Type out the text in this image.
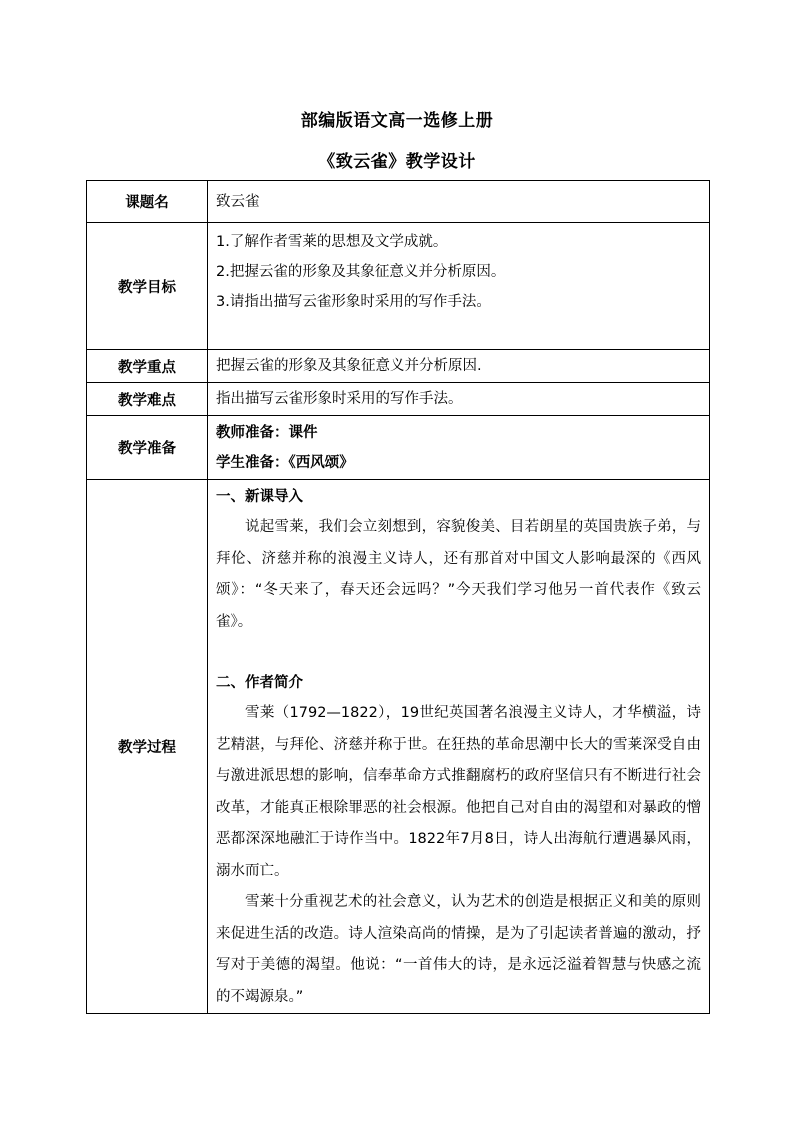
部编版语文高一选修上册
《致云雀》教学设计
课题名	致云雀

教学目标	1.了解作者雪莱的思想及文学成就。
2.把握云雀的形象及其象征意义并分析原因。
3.请指出描写云雀形象时采用的写作手法。

教学重点	把握云雀的形象及其象征意义并分析原因.

教学难点	指出描写云雀形象时采用的写作手法。

教学准备	教师准备：课件
学生准备：《西风颂》

教学过程	一、新课导入
说起雪莱，我们会立刻想到，容貌俊美、目若朗星的英国贵族子弟，与拜伦、济慈并称的浪漫主义诗人，还有那首对中国文人影响最深的《西风颂》：“冬天来了，春天还会远吗？”今天我们学习他另一首代表作《致云雀》。
二、作者简介
雪莱（1792—1822），19世纪英国著名浪漫主义诗人，才华横溢，诗艺精湛，与拜伦、济慈并称于世。在狂热的革命思潮中长大的雪莱深受自由与激进派思想的影响，信奉革命方式推翻腐朽的政府坚信只有不断进行社会改革，才能真正根除罪恶的社会根源。他把自己对自由的渴望和对暴政的憎恶都深深地融汇于诗作当中。1822年7月8日，诗人出海航行遭遇暴风雨，溺水而亡。
雪莱十分重视艺术的社会意义，认为艺术的创造是根据正义和美的原则来促进生活的改造。诗人渲染高尚的情操，是为了引起读者普遍的激动，抒写对于美德的渴望。他说：“一首伟大的诗，是永远泛溢着智慧与快感之流的不竭源泉。”
